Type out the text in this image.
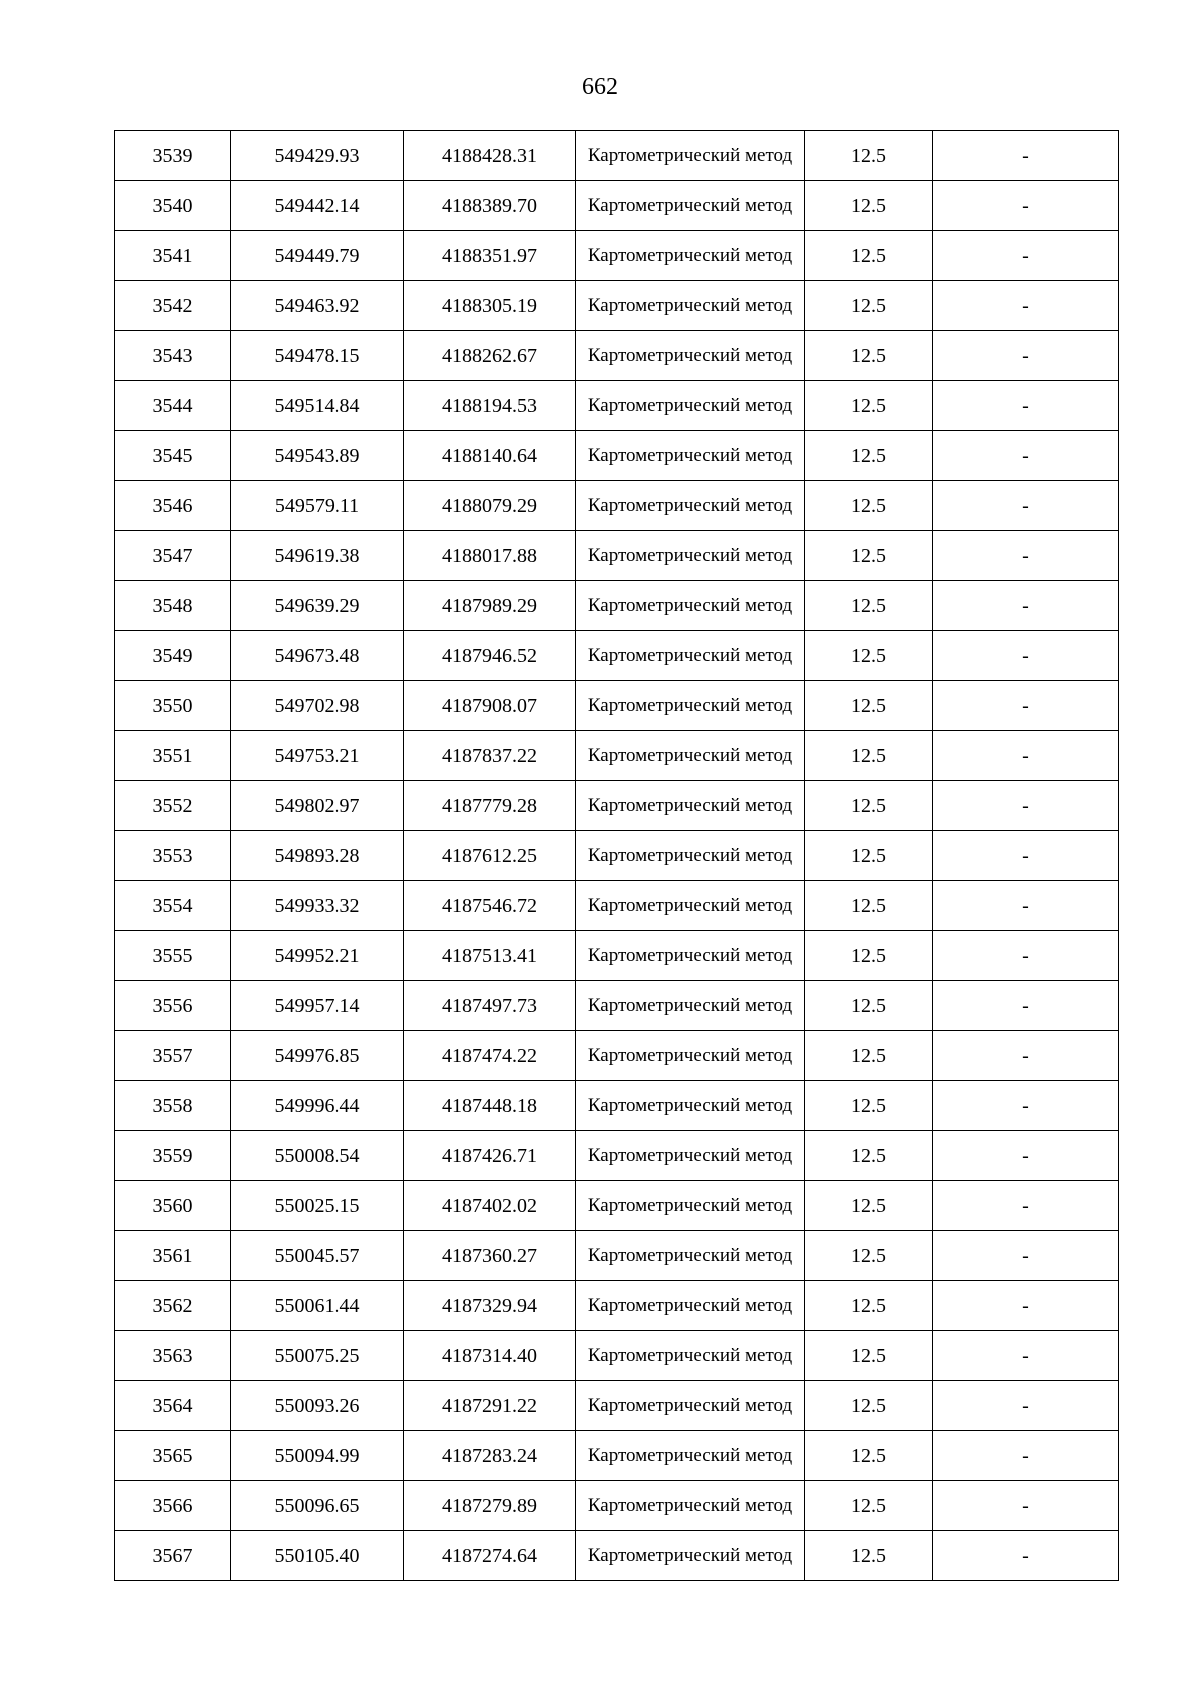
662
3539	549429.93	4188428.31	Картометрический метод	12.5	-
3540	549442.14	4188389.70	Картометрический метод	12.5	-
3541	549449.79	4188351.97	Картометрический метод	12.5	-
3542	549463.92	4188305.19	Картометрический метод	12.5	-
3543	549478.15	4188262.67	Картометрический метод	12.5	-
3544	549514.84	4188194.53	Картометрический метод	12.5	-
3545	549543.89	4188140.64	Картометрический метод	12.5	-
3546	549579.11	4188079.29	Картометрический метод	12.5	-
3547	549619.38	4188017.88	Картометрический метод	12.5	-
3548	549639.29	4187989.29	Картометрический метод	12.5	-
3549	549673.48	4187946.52	Картометрический метод	12.5	-
3550	549702.98	4187908.07	Картометрический метод	12.5	-
3551	549753.21	4187837.22	Картометрический метод	12.5	-
3552	549802.97	4187779.28	Картометрический метод	12.5	-
3553	549893.28	4187612.25	Картометрический метод	12.5	-
3554	549933.32	4187546.72	Картометрический метод	12.5	-
3555	549952.21	4187513.41	Картометрический метод	12.5	-
3556	549957.14	4187497.73	Картометрический метод	12.5	-
3557	549976.85	4187474.22	Картометрический метод	12.5	-
3558	549996.44	4187448.18	Картометрический метод	12.5	-
3559	550008.54	4187426.71	Картометрический метод	12.5	-
3560	550025.15	4187402.02	Картометрический метод	12.5	-
3561	550045.57	4187360.27	Картометрический метод	12.5	-
3562	550061.44	4187329.94	Картометрический метод	12.5	-
3563	550075.25	4187314.40	Картометрический метод	12.5	-
3564	550093.26	4187291.22	Картометрический метод	12.5	-
3565	550094.99	4187283.24	Картометрический метод	12.5	-
3566	550096.65	4187279.89	Картометрический метод	12.5	-
3567	550105.40	4187274.64	Картометрический метод	12.5	-
